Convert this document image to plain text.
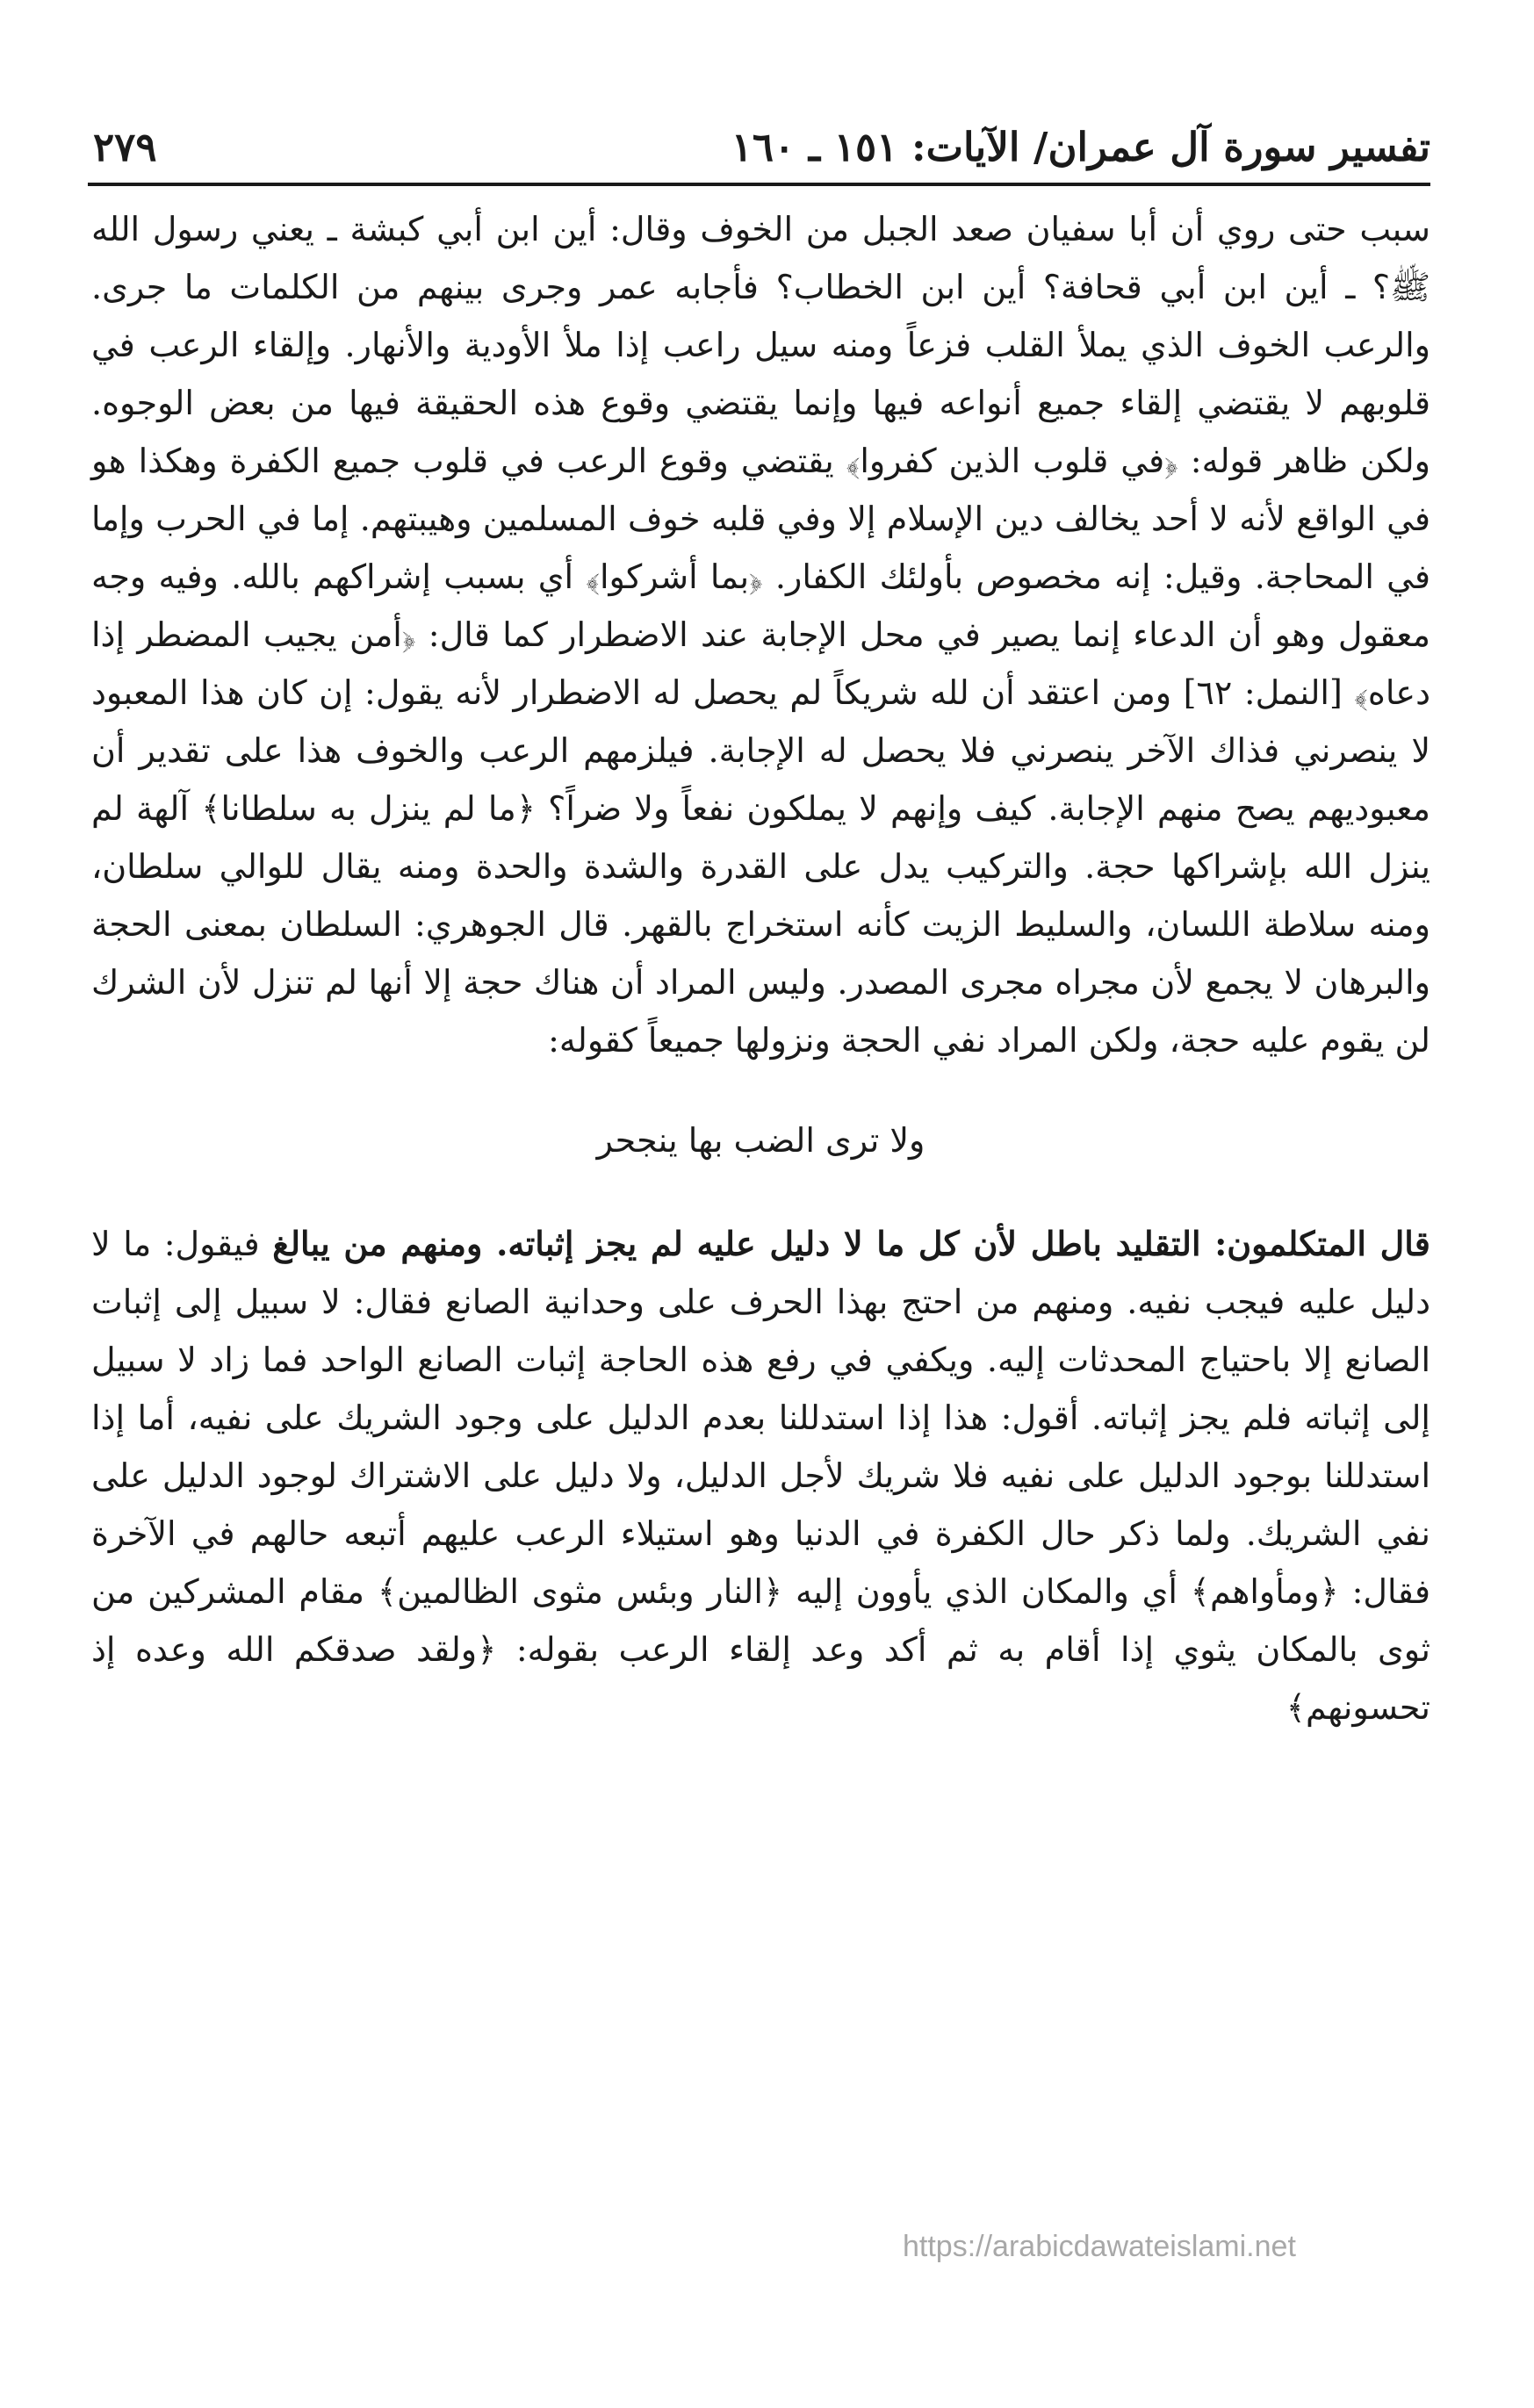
تفسير سورة آل عمران/ الآيات: ١٥١ ـ ١٦٠
٢٧٩

سبب حتى روي أن أبا سفيان صعد الجبل من الخوف وقال: أين ابن أبي كبشة ـ يعني رسول الله ﷺ؟ ـ أين ابن أبي قحافة؟ أين ابن الخطاب؟ فأجابه عمر وجرى بينهم من الكلمات ما جرى. والرعب الخوف الذي يملأ القلب فزعاً ومنه سيل راعب إذا ملأ الأودية والأنهار. وإلقاء الرعب في قلوبهم لا يقتضي إلقاء جميع أنواعه فيها وإنما يقتضي وقوع هذه الحقيقة فيها من بعض الوجوه. ولكن ظاهر قوله: ﴿في قلوب الذين كفروا﴾ يقتضي وقوع الرعب في قلوب جميع الكفرة وهكذا هو في الواقع لأنه لا أحد يخالف دين الإسلام إلا وفي قلبه خوف المسلمين وهيبتهم. إما في الحرب وإما في المحاجة. وقيل: إنه مخصوص بأولئك الكفار. ﴿بما أشركوا﴾ أي بسبب إشراكهم بالله. وفيه وجه معقول وهو أن الدعاء إنما يصير في محل الإجابة عند الاضطرار كما قال: ﴿أمن يجيب المضطر إذا دعاه﴾ [النمل: ٦٢] ومن اعتقد أن لله شريكاً لم يحصل له الاضطرار لأنه يقول: إن كان هذا المعبود لا ينصرني فذاك الآخر ينصرني فلا يحصل له الإجابة. فيلزمهم الرعب والخوف هذا على تقدير أن معبوديهم يصح منهم الإجابة. كيف وإنهم لا يملكون نفعاً ولا ضراً؟ ﴿ما لم ينزل به سلطانا﴾ آلهة لم ينزل الله بإشراكها حجة. والتركيب يدل على القدرة والشدة والحدة ومنه يقال للوالي سلطان، ومنه سلاطة اللسان، والسليط الزيت كأنه استخراج بالقهر. قال الجوهري: السلطان بمعنى الحجة والبرهان لا يجمع لأن مجراه مجرى المصدر. وليس المراد أن هناك حجة إلا أنها لم تنزل لأن الشرك لن يقوم عليه حجة، ولكن المراد نفي الحجة ونزولها جميعاً كقوله:

ولا ترى الضب بها ينجحر

قال المتكلمون: التقليد باطل لأن كل ما لا دليل عليه لم يجز إثباته. ومنهم من يبالغ فيقول: ما لا دليل عليه فيجب نفيه. ومنهم من احتج بهذا الحرف على وحدانية الصانع فقال: لا سبيل إلى إثبات الصانع إلا باحتياج المحدثات إليه. ويكفي في رفع هذه الحاجة إثبات الصانع الواحد فما زاد لا سبيل إلى إثباته فلم يجز إثباته. أقول: هذا إذا استدللنا بعدم الدليل على وجود الشريك على نفيه، أما إذا استدللنا بوجود الدليل على نفيه فلا شريك لأجل الدليل، ولا دليل على الاشتراك لوجود الدليل على نفي الشريك. ولما ذكر حال الكفرة في الدنيا وهو استيلاء الرعب عليهم أتبعه حالهم في الآخرة فقال: ﴿ومأواهم﴾ أي والمكان الذي يأوون إليه ﴿النار وبئس مثوى الظالمين﴾ مقام المشركين من ثوى بالمكان يثوي إذا أقام به ثم أكد وعد إلقاء الرعب بقوله: ﴿ولقد صدقكم الله وعده إذ تحسونهم﴾

https://arabicdawateislami.net
